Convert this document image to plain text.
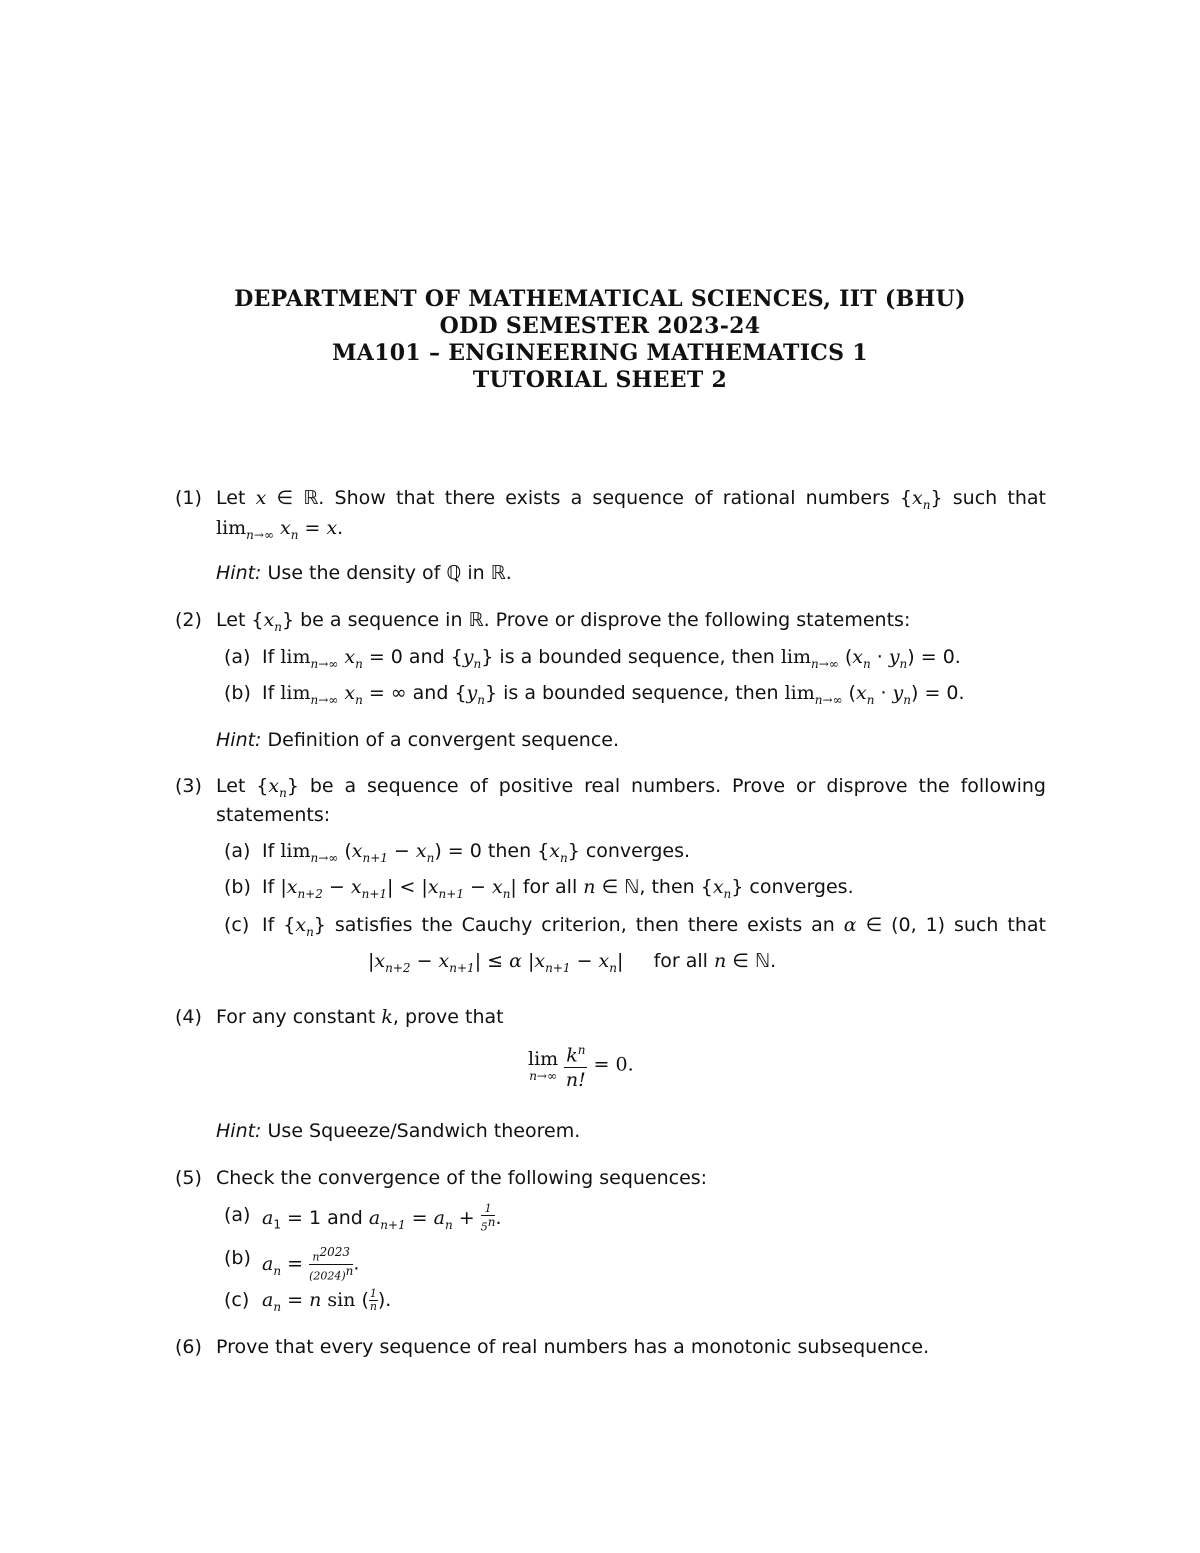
DEPARTMENT OF MATHEMATICAL SCIENCES, IIT (BHU)
ODD SEMESTER 2023-24
MA101 – ENGINEERING MATHEMATICS 1
TUTORIAL SHEET 2
(1) Let x ∈ ℝ. Show that there exists a sequence of rational numbers $\{x_n\}$ such that
$\lim_{n\to\infty} x_n = x$.
Hint: Use the density of ℚ in ℝ.
(2) Let $\{x_n\}$ be a sequence in ℝ. Prove or disprove the following statements:
(a) If $\lim_{n\to\infty} x_n = 0$ and $\{y_n\}$ is a bounded sequence, then $\lim_{n\to\infty} (x_n \cdot y_n) = 0$.
(b) If $\lim_{n\to\infty} x_n$ = ∞ and $\{y_n\}$ is a bounded sequence, then $\lim_{n\to\infty} (x_n \cdot y_n) = 0$.
Hint: Definition of a convergent sequence.
(3) Let $\{x_n\}$ be a sequence of positive real numbers. Prove or disprove the following
statements:
(a) If $\lim_{n\to\infty} (x_{n+1} - x_n) = 0$ then $\{x_n\}$ converges.
(b) If $|x_{n+2} - x_{n+1}| < |x_{n+1} - x_n|$ for all n ∈ ℕ, then $\{x_n\}$ converges.
(c) If $\{x_n\}$ satisfies the Cauchy criterion, then there exists an α ∈ (0, 1) such that
$|x_{n+2} - x_{n+1}| \le \alpha$ $|x_{n+1} - x_n|$     for all n ∈ ℕ.
(4) For any constant k, prove that
lim
n→∞
$\frac{k^n}{n!} = 0$.
Hint: Use Squeeze/Sandwich theorem.
(5) Check the convergence of the following sequences:
(a) $a_1 = 1$ and $a_{n+1} = a_n + \frac{1}{5^n}$ .
(b) $a_n = \frac{n^{2023}}{(2024)^n}$ .
(c) $a_n = n$ sin ( $\frac{1}{n}$ ).
(6) Prove that every sequence of real numbers has a monotonic subsequence.
